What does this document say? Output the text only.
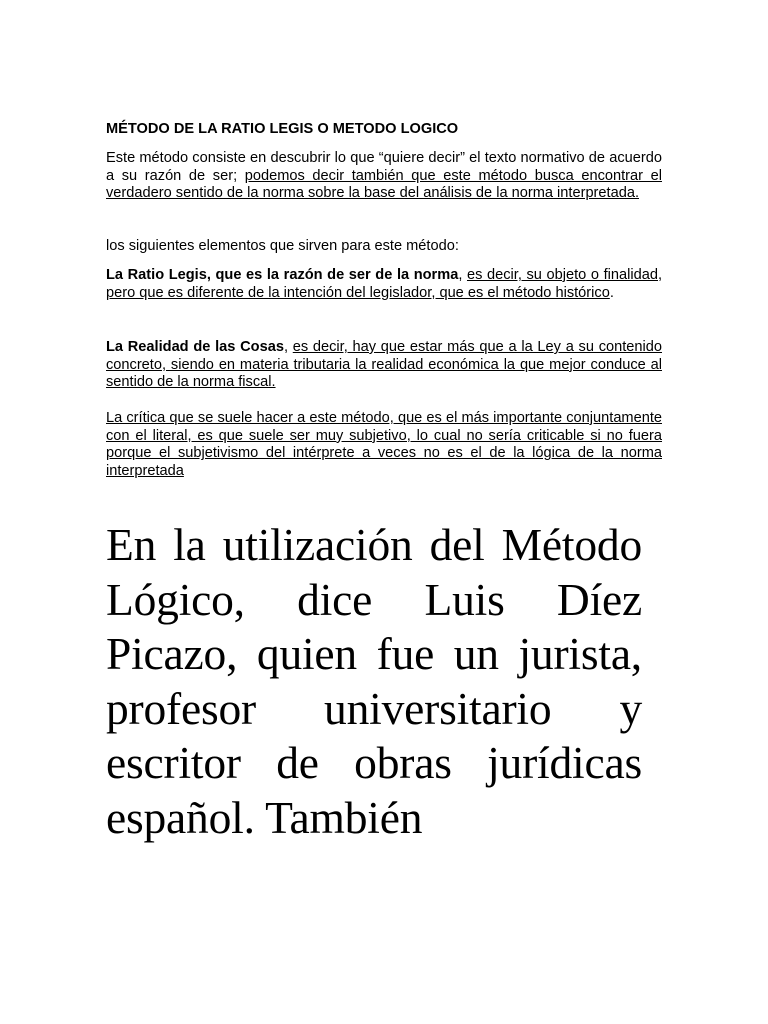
MÉTODO DE LA RATIO LEGIS O METODO LOGICO

Este método consiste en descubrir lo que “quiere decir” el texto normativo de acuerdo a su razón de ser; podemos decir también que este método busca encontrar el verdadero sentido de la norma sobre la base del análisis de la norma interpretada.

los siguientes elementos que sirven para este método:

La Ratio Legis, que es la razón de ser de la norma, es decir, su objeto o finalidad, pero que es diferente de la intención del legislador, que es el método histórico.

La Realidad de las Cosas, es decir, hay que estar más que a la Ley a su contenido concreto, siendo en materia tributaria la realidad económica la que mejor conduce al sentido de la norma fiscal.

La crítica que se suele hacer a este método, que es el más importante conjuntamente con el literal, es que suele ser muy subjetivo, lo cual no sería criticable si no fuera porque el subjetivismo del intérprete a veces no es el de la lógica de la norma interpretada

En la utilización del Método Lógico, dice Luis Díez Picazo, quien fue un jurista, profesor universitario y escritor de obras jurídicas español. También
